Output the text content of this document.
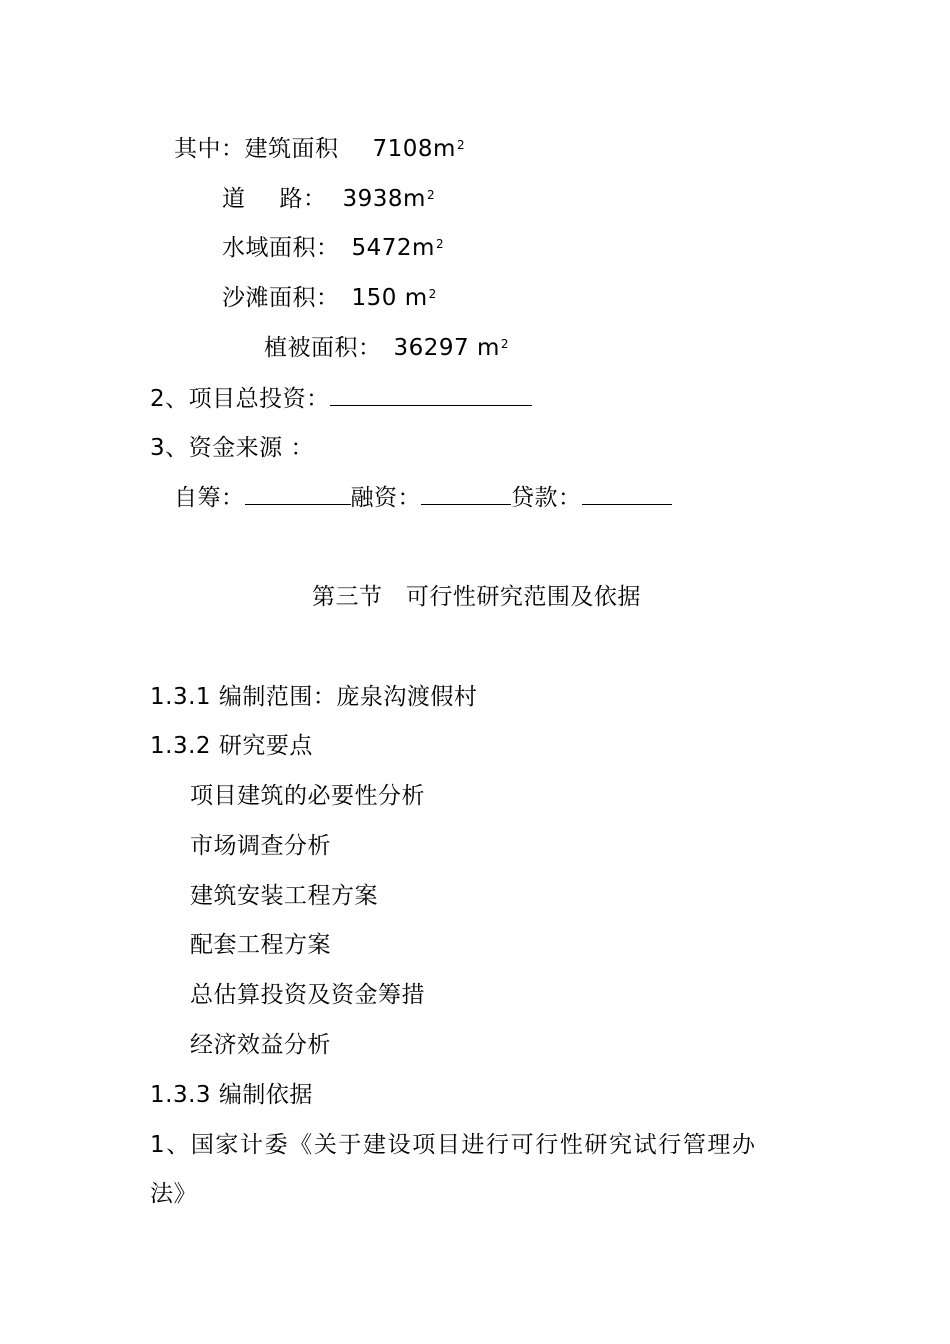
其中：建筑面积 $7108m^2$
道 路： $3938m^2$
水域面积： $5472m^2$
沙滩面积： 150 $m^2$
植被面积： 36297 $m^2$
2、项目总投资：
3、资金来源 ：
自筹：	融资：	贷款：
第三节   可行性研究范围及依据
1.3.1 编制范围：庞泉沟渡假村
1.3.2 研究要点
项目建筑的必要性分析
市场调查分析
建筑安装工程方案
配套工程方案
总估算投资及资金筹措
经济效益分析
1.3.3 编制依据
1、国家计委《关于建设项目进行可行性研究试行管理办
法》
